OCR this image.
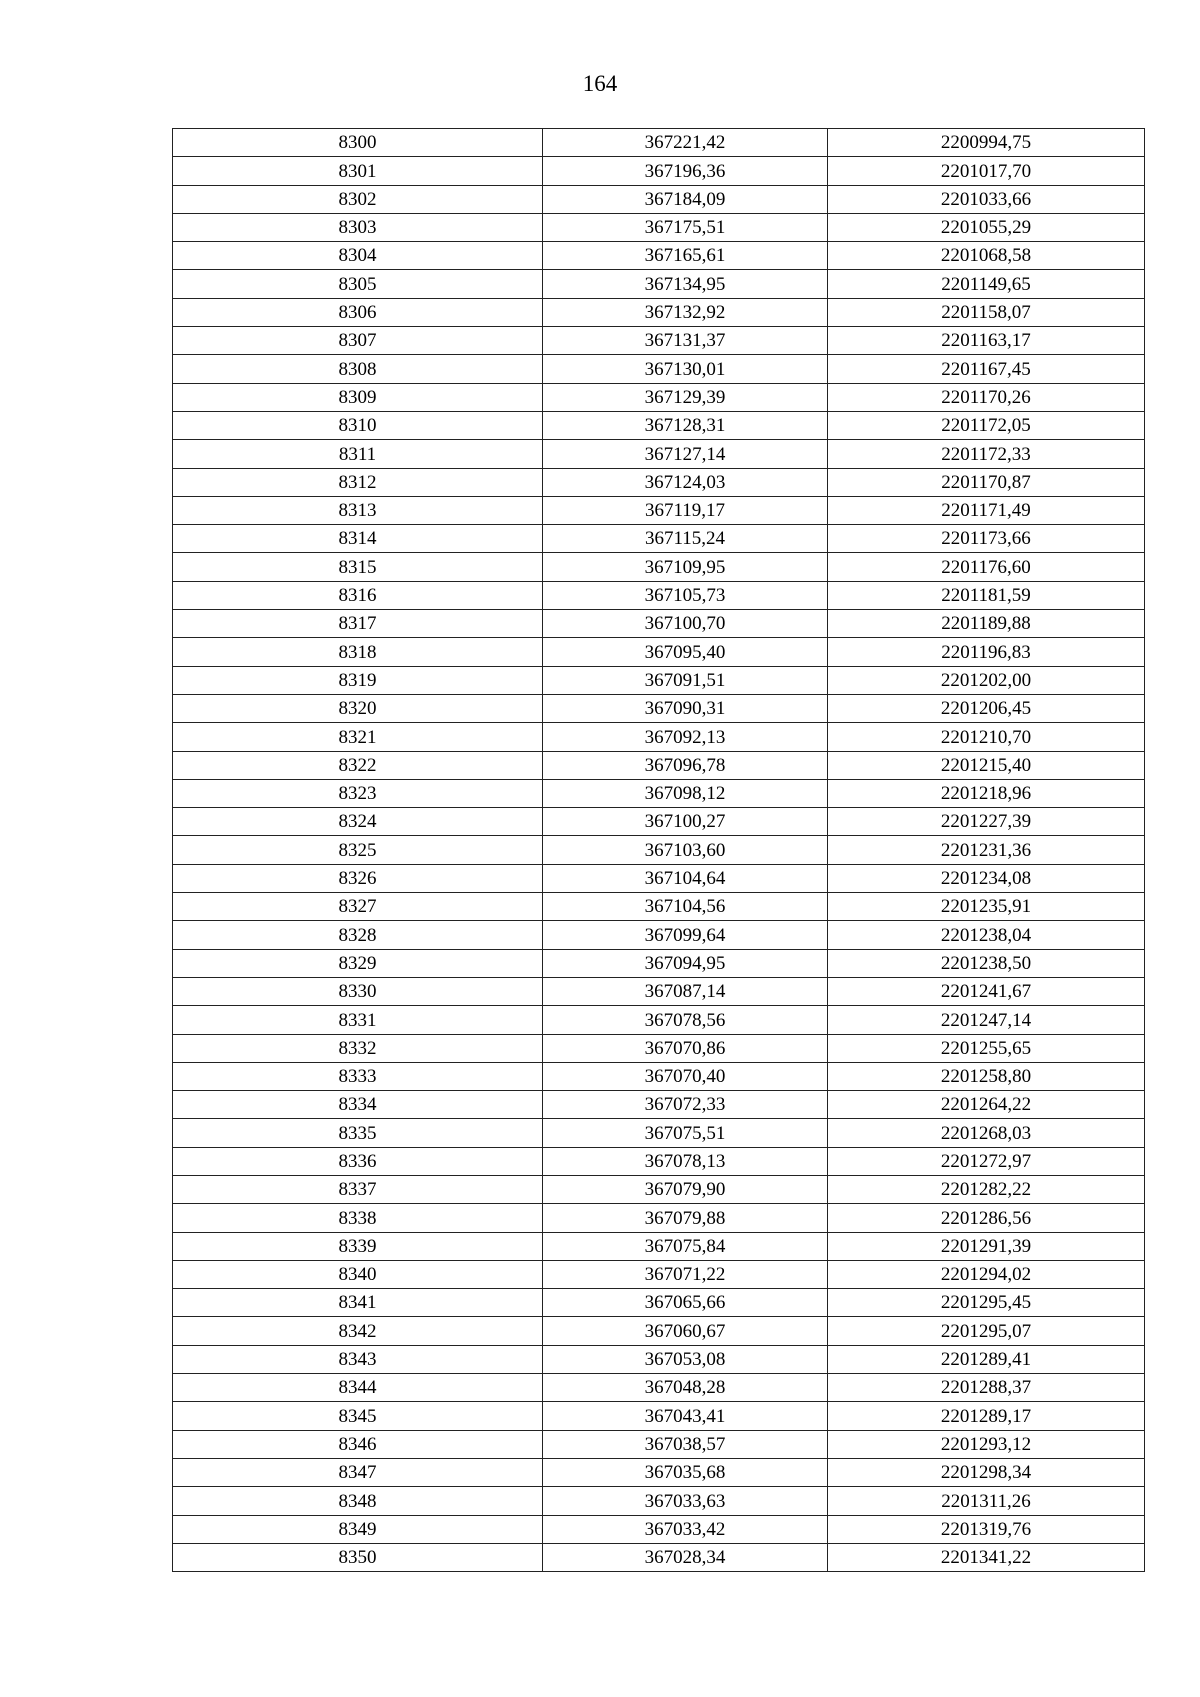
164
8300	367221,42	2200994,75
8301	367196,36	2201017,70
8302	367184,09	2201033,66
8303	367175,51	2201055,29
8304	367165,61	2201068,58
8305	367134,95	2201149,65
8306	367132,92	2201158,07
8307	367131,37	2201163,17
8308	367130,01	2201167,45
8309	367129,39	2201170,26
8310	367128,31	2201172,05
8311	367127,14	2201172,33
8312	367124,03	2201170,87
8313	367119,17	2201171,49
8314	367115,24	2201173,66
8315	367109,95	2201176,60
8316	367105,73	2201181,59
8317	367100,70	2201189,88
8318	367095,40	2201196,83
8319	367091,51	2201202,00
8320	367090,31	2201206,45
8321	367092,13	2201210,70
8322	367096,78	2201215,40
8323	367098,12	2201218,96
8324	367100,27	2201227,39
8325	367103,60	2201231,36
8326	367104,64	2201234,08
8327	367104,56	2201235,91
8328	367099,64	2201238,04
8329	367094,95	2201238,50
8330	367087,14	2201241,67
8331	367078,56	2201247,14
8332	367070,86	2201255,65
8333	367070,40	2201258,80
8334	367072,33	2201264,22
8335	367075,51	2201268,03
8336	367078,13	2201272,97
8337	367079,90	2201282,22
8338	367079,88	2201286,56
8339	367075,84	2201291,39
8340	367071,22	2201294,02
8341	367065,66	2201295,45
8342	367060,67	2201295,07
8343	367053,08	2201289,41
8344	367048,28	2201288,37
8345	367043,41	2201289,17
8346	367038,57	2201293,12
8347	367035,68	2201298,34
8348	367033,63	2201311,26
8349	367033,42	2201319,76
8350	367028,34	2201341,22
